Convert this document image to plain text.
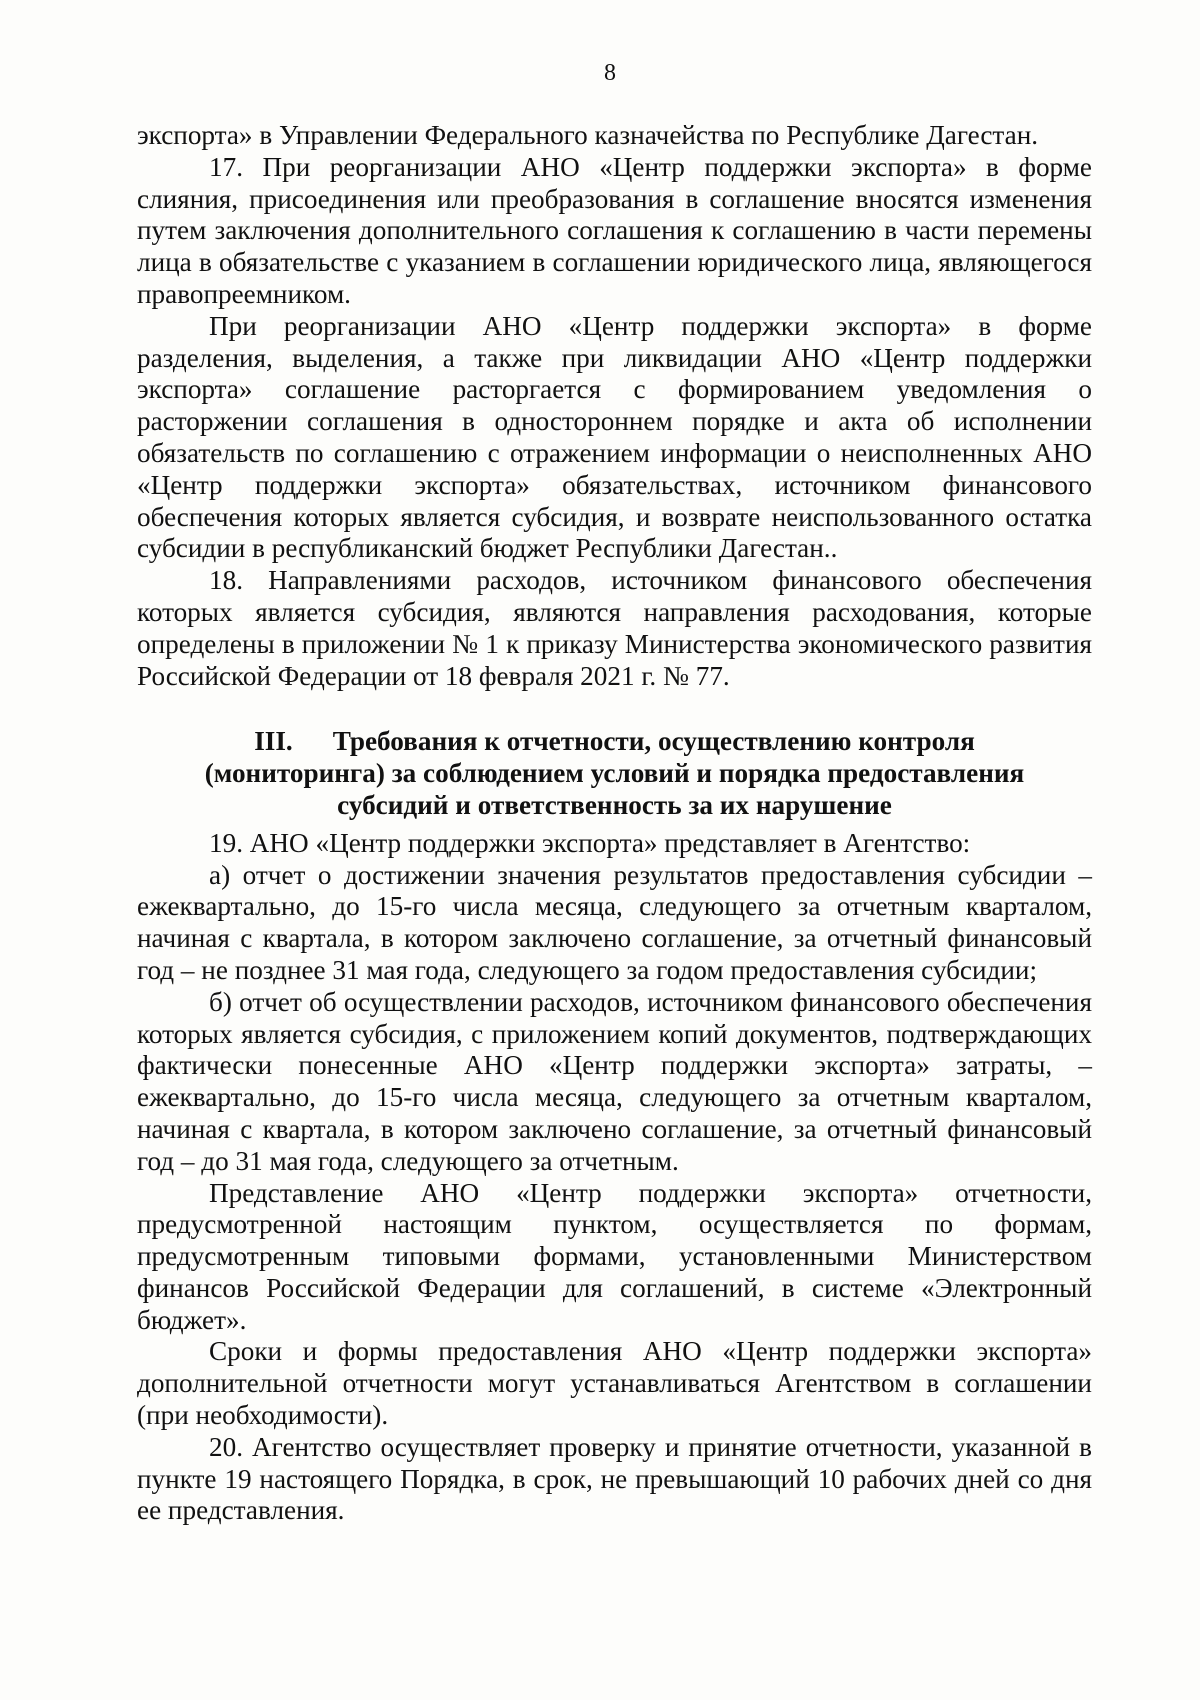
8

экспорта» в Управлении Федерального казначейства по Республике Дагестан.

17. При реорганизации АНО «Центр поддержки экспорта» в форме слияния, присоединения или преобразования в соглашение вносятся изменения путем заключения дополнительного соглашения к соглашению в части перемены лица в обязательстве с указанием в соглашении юридического лица, являющегося правопреемником.

При реорганизации АНО «Центр поддержки экспорта» в форме разделения, выделения, а также при ликвидации АНО «Центр поддержки экспорта» соглашение расторгается с формированием уведомления о расторжении соглашения в одностороннем порядке и акта об исполнении обязательств по соглашению с отражением информации о неисполненных АНО «Центр поддержки экспорта» обязательствах, источником финансового обеспечения которых является субсидия, и возврате неиспользованного остатка субсидии в республиканский бюджет Республики Дагестан..

18. Направлениями расходов, источником финансового обеспечения которых является субсидия, являются направления расходования, которые определены в приложении № 1 к приказу Министерства экономического развития Российской Федерации от 18 февраля 2021 г. № 77.

III. Требования к отчетности, осуществлению контроля
(мониторинга) за соблюдением условий и порядка предоставления
субсидий и ответственность за их нарушение

19. АНО «Центр поддержки экспорта» представляет в Агентство:

а) отчет о достижении значения результатов предоставления субсидии – ежеквартально, до 15-го числа месяца, следующего за отчетным кварталом, начиная с квартала, в котором заключено соглашение, за отчетный финансовый год – не позднее 31 мая года, следующего за годом предоставления субсидии;

б) отчет об осуществлении расходов, источником финансового обеспечения которых является субсидия, с приложением копий документов, подтверждающих фактически понесенные АНО «Центр поддержки экспорта» затраты, – ежеквартально, до 15-го числа месяца, следующего за отчетным кварталом, начиная с квартала, в котором заключено соглашение, за отчетный финансовый год – до 31 мая года, следующего за отчетным.

Представление АНО «Центр поддержки экспорта» отчетности, предусмотренной настоящим пунктом, осуществляется по формам, предусмотренным типовыми формами, установленными Министерством финансов Российской Федерации для соглашений, в системе «Электронный бюджет».

Сроки и формы предоставления АНО «Центр поддержки экспорта» дополнительной отчетности могут устанавливаться Агентством в соглашении (при необходимости).

20. Агентство осуществляет проверку и принятие отчетности, указанной в пункте 19 настоящего Порядка, в срок, не превышающий 10 рабочих дней со дня ее представления.
